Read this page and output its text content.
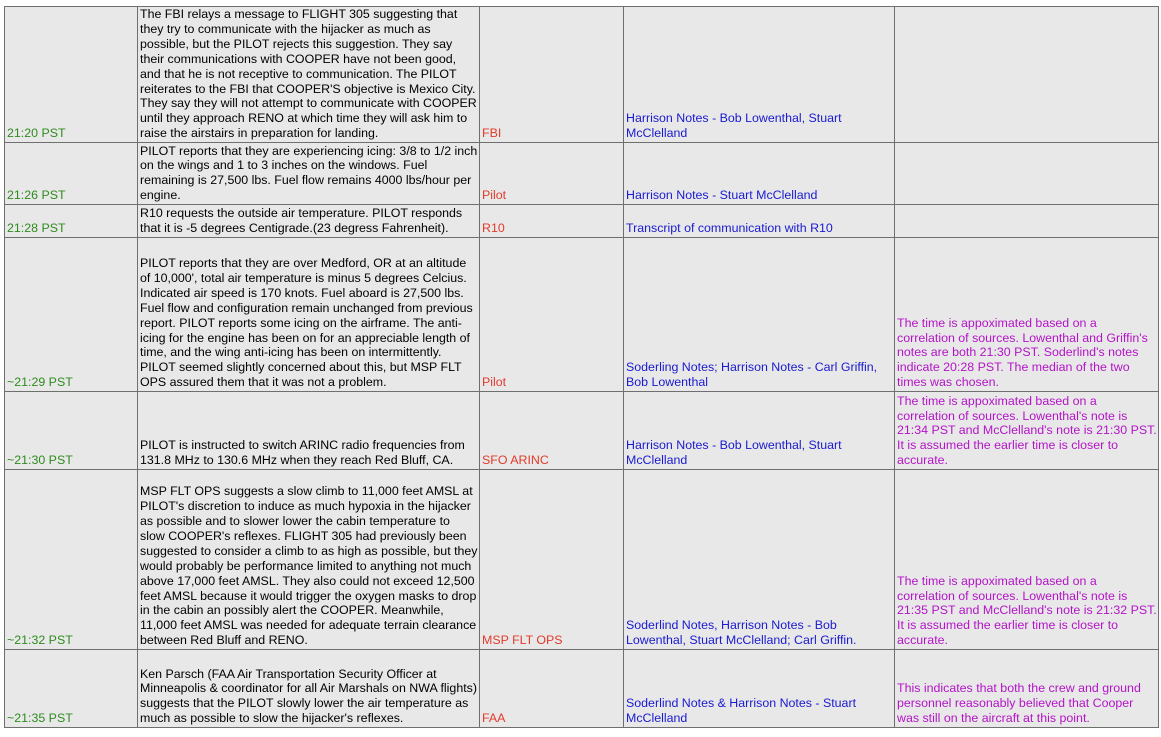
21:20 PST	The FBI relays a message to FLIGHT 305 suggesting that they try to communicate with the hijacker as much as possible, but the PILOT rejects this suggestion. They say their communications with COOPER have not been good, and that he is not receptive to communication. The PILOT reiterates to the FBI that COOPER'S objective is Mexico City. They say they will not attempt to communicate with COOPER until they approach RENO at which time they will ask him to raise the airstairs in preparation for landing.	FBI	Harrison Notes - Bob Lowenthal, Stuart McClelland	
21:26 PST	PILOT reports that they are experiencing icing: 3/8 to 1/2 inch on the wings and 1 to 3 inches on the windows. Fuel remaining is 27,500 lbs. Fuel flow remains 4000 lbs/hour per engine.	Pilot	Harrison Notes - Stuart McClelland	
21:28 PST	R10 requests the outside air temperature. PILOT responds that it is -5 degrees Centigrade.(23 degress Fahrenheit).	R10	Transcript of communication with R10	
~21:29 PST	PILOT reports that they are over Medford, OR at an altitude of 10,000', total air temperature is minus 5 degrees Celcius. Indicated air speed is 170 knots. Fuel aboard is 27,500 lbs. Fuel flow and configuration remain unchanged from previous report. PILOT reports some icing on the airframe. The anti-icing for the engine has been on for an appreciable length of time, and the wing anti-icing has been on intermittently. PILOT seemed slightly concerned about this, but MSP FLT OPS assured them that it was not a problem.	Pilot	Soderling Notes; Harrison Notes - Carl Griffin, Bob Lowenthal	The time is appoximated based on a correlation of sources. Lowenthal and Griffin's notes are both 21:30 PST. Soderlind's notes indicate 20:28 PST. The median of the two times was chosen.
~21:30 PST	PILOT is instructed to switch ARINC radio frequencies from 131.8 MHz to 130.6 MHz when they reach Red Bluff, CA.	SFO ARINC	Harrison Notes - Bob Lowenthal, Stuart McClelland	The time is appoximated based on a correlation of sources. Lowenthal's note is 21:34 PST and McClelland's note is 21:30 PST. It is assumed the earlier time is closer to accurate.
~21:32 PST	MSP FLT OPS suggests a slow climb to 11,000 feet AMSL at PILOT's discretion to induce as much hypoxia in the hijacker as possible and to slower lower the cabin temperature to slow COOPER's reflexes. FLIGHT 305 had previously been suggested to consider a climb to as high as possible, but they would probably be performance limited to anything not much above 17,000 feet AMSL. They also could not exceed 12,500 feet AMSL because it would trigger the oxygen masks to drop in the cabin an possibly alert the COOPER. Meanwhile, 11,000 feet AMSL was needed for adequate terrain clearance between Red Bluff and RENO.	MSP FLT OPS	Soderlind Notes, Harrison Notes - Bob Lowenthal, Stuart McClelland; Carl Griffin.	The time is appoximated based on a correlation of sources. Lowenthal's note is 21:35 PST and McClelland's note is 21:32 PST. It is assumed the earlier time is closer to accurate.
~21:35 PST	Ken Parsch (FAA Air Transportation Security Officer at Minneapolis & coordinator for all Air Marshals on NWA flights) suggests that the PILOT slowly lower the air temperature as much as possible to slow the hijacker's reflexes.	FAA	Soderlind Notes & Harrison Notes - Stuart McClelland	This indicates that both the crew and ground personnel reasonably believed that Cooper was still on the aircraft at this point.
